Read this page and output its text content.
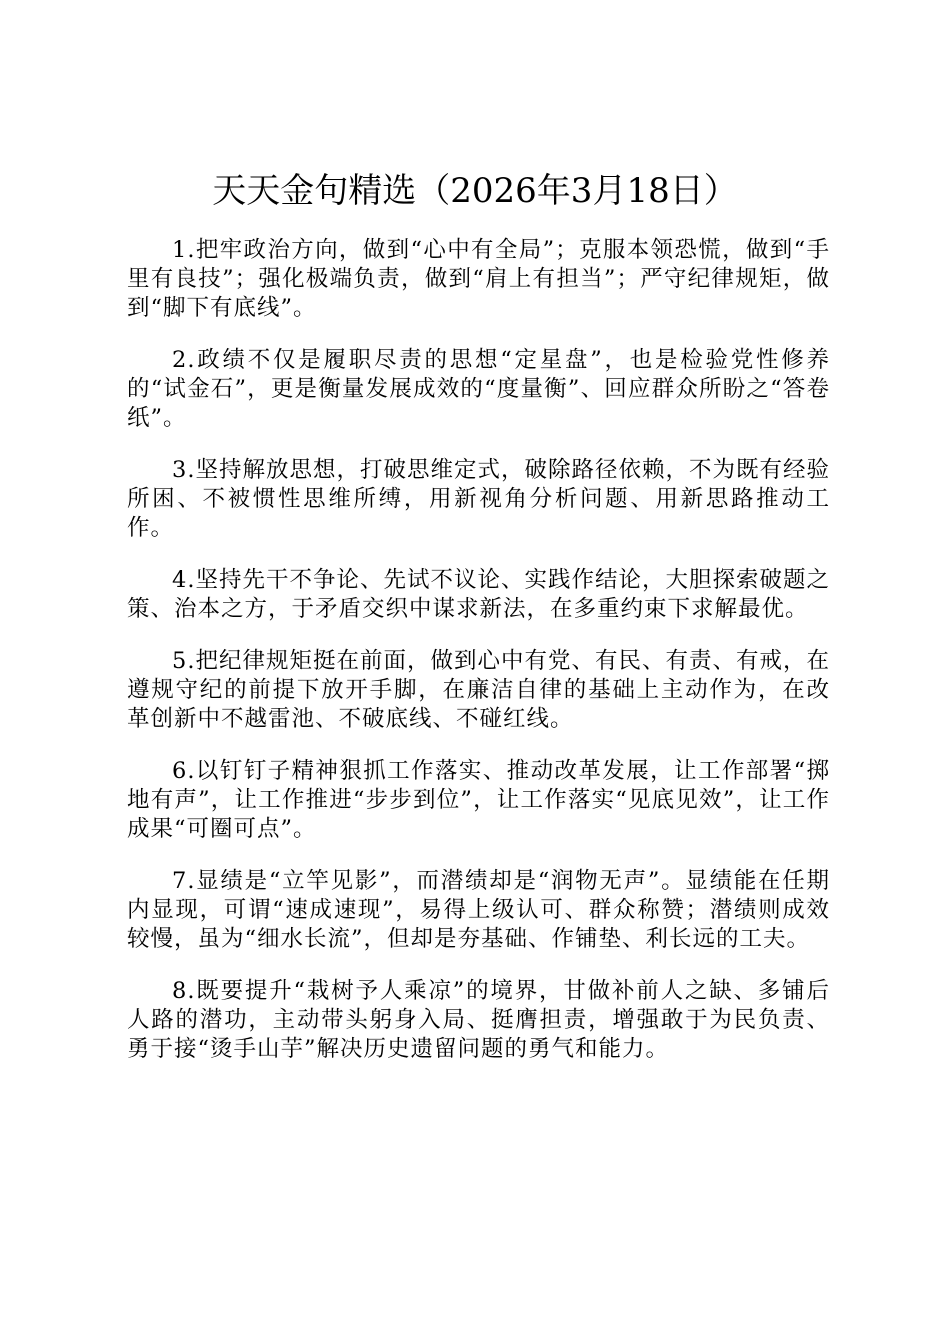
天天金句精选（2026年3月18日）

1.把牢政治方向，做到“心中有全局”；克服本领恐慌，做到“手里有良技”；强化极端负责，做到“肩上有担当”；严守纪律规矩，做到“脚下有底线”。

2.政绩不仅是履职尽责的思想“定星盘”，也是检验党性修养的“试金石”，更是衡量发展成效的“度量衡”、回应群众所盼之“答卷纸”。

3.坚持解放思想，打破思维定式，破除路径依赖，不为既有经验所困、不被惯性思维所缚，用新视角分析问题、用新思路推动工作。

4.坚持先干不争论、先试不议论、实践作结论，大胆探索破题之策、治本之方，于矛盾交织中谋求新法，在多重约束下求解最优。

5.把纪律规矩挺在前面，做到心中有党、有民、有责、有戒，在遵规守纪的前提下放开手脚，在廉洁自律的基础上主动作为，在改革创新中不越雷池、不破底线、不碰红线。

6.以钉钉子精神狠抓工作落实、推动改革发展，让工作部署“掷地有声”，让工作推进“步步到位”，让工作落实“见底见效”，让工作成果“可圈可点”。

7.显绩是“立竿见影”，而潜绩却是“润物无声”。显绩能在任期内显现，可谓“速成速现”，易得上级认可、群众称赞；潜绩则成效较慢，虽为“细水长流”，但却是夯基础、作铺垫、利长远的工夫。

8.既要提升“栽树予人乘凉”的境界，甘做补前人之缺、多铺后人路的潜功，主动带头躬身入局、挺膺担责，增强敢于为民负责、勇于接“烫手山芋”解决历史遗留问题的勇气和能力。
